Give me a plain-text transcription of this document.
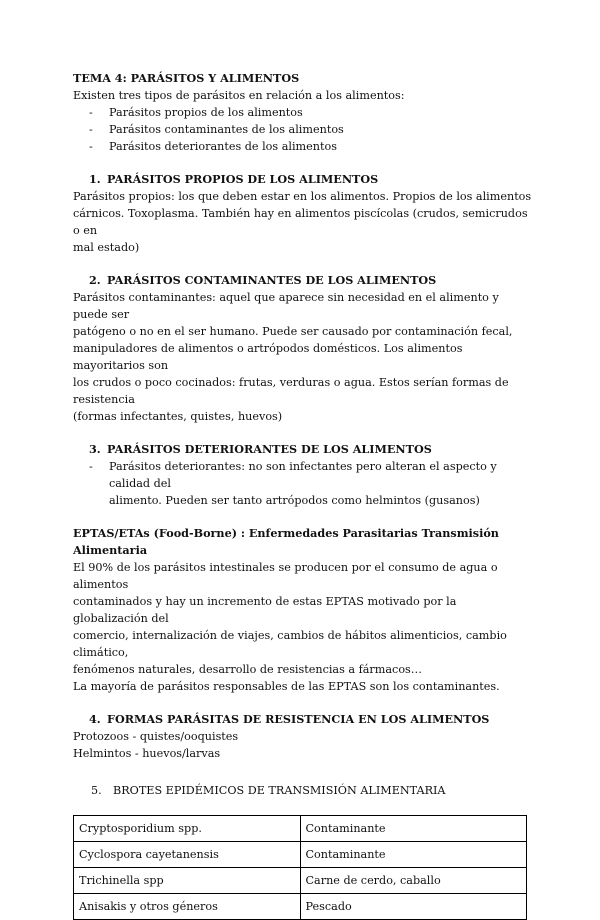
TEMA 4: PARÁSITOS Y ALIMENTOS

Existen tres tipos de parásitos en relación a los alimentos:

- Parásitos propios de los alimentos
- Parásitos contaminantes de los alimentos
- Parásitos deteriorantes de los alimentos

1. PARÁSITOS PROPIOS DE LOS ALIMENTOS

Parásitos propios: los que deben estar en los alimentos. Propios de los alimentos

cárnicos. Toxoplasma. También hay en alimentos piscícolas (crudos, semicrudos o en

mal estado)

2. PARÁSITOS CONTAMINANTES DE LOS ALIMENTOS

Parásitos contaminantes: aquel que aparece sin necesidad en el alimento y puede ser

patógeno o no en el ser humano. Puede ser causado por contaminación fecal,

manipuladores de alimentos o artrópodos domésticos. Los alimentos mayoritarios son

los crudos o poco cocinados: frutas, verduras o agua. Estos serían formas de resistencia

(formas infectantes, quistes, huevos)

3. PARÁSITOS DETERIORANTES DE LOS ALIMENTOS

- Parásitos deteriorantes: no son infectantes pero alteran el aspecto y calidad del
alimento. Pueden ser tanto artrópodos como helmintos (gusanos)

EPTAS/ETAs (Food-Borne) : Enfermedades Parasitarias Transmisión Alimentaria

El 90% de los parásitos intestinales se producen por el consumo de agua o alimentos

contaminados y hay un incremento de estas EPTAS motivado por la globalización del

comercio, internalización de viajes, cambios de hábitos alimenticios, cambio climático,

fenómenos naturales, desarrollo de resistencias a fármacos…

La mayoría de parásitos responsables de las EPTAS son los contaminantes.

4. FORMAS PARÁSITAS DE RESISTENCIA EN LOS ALIMENTOS

Protozoos - quistes/ooquistes

Helmintos - huevos/larvas

5. BROTES EPIDÉMICOS DE TRANSMISIÓN ALIMENTARIA

Cryptosporidium spp.	Contaminante
Cyclospora cayetanensis	Contaminante
Trichinella spp	Carne de cerdo, caballo
Anisakis y otros géneros	Pescado
